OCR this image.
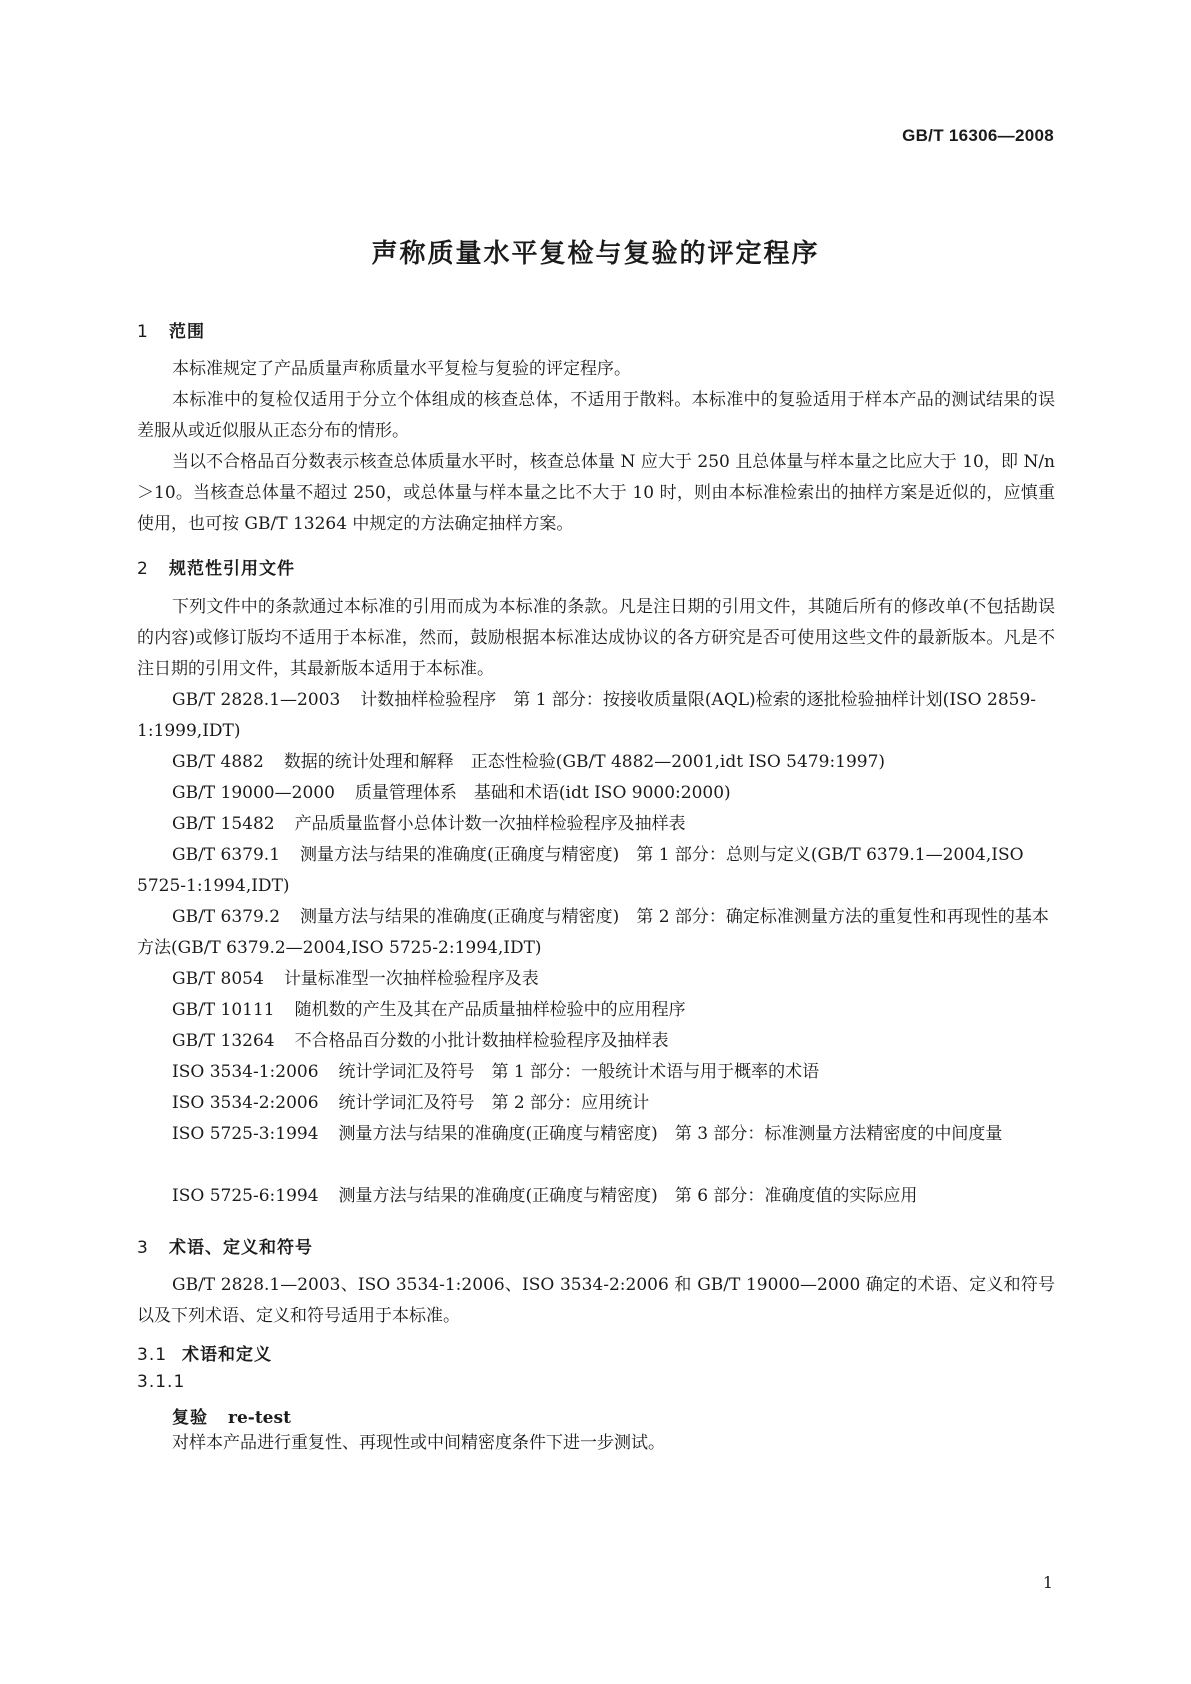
GB/T 16306—2008
声称质量水平复检与复验的评定程序
1 范围

本标准规定了产品质量声称质量水平复检与复验的评定程序。

本标准中的复检仅适用于分立个体组成的核查总体，不适用于散料。本标准中的复验适用于样本产品的测试结果的误差服从或近似服从正态分布的情形。

当以不合格品百分数表示核查总体质量水平时，核查总体量 N 应大于 250 且总体量与样本量之比应大于 10，即 N/n＞10。当核查总体量不超过 250，或总体量与样本量之比不大于 10 时，则由本标准检索出的抽样方案是近似的，应慎重使用，也可按 GB/T 13264 中规定的方法确定抽样方案。

2 规范性引用文件

下列文件中的条款通过本标准的引用而成为本标准的条款。凡是注日期的引用文件，其随后所有的修改单(不包括勘误的内容)或修订版均不适用于本标准，然而，鼓励根据本标准达成协议的各方研究是否可使用这些文件的最新版本。凡是不注日期的引用文件，其最新版本适用于本标准。

GB/T 2828.1—2003 计数抽样检验程序　第 1 部分：按接收质量限(AQL)检索的逐批检验抽样计划(ISO 2859-1:1999,IDT)

GB/T 4882 数据的统计处理和解释　正态性检验(GB/T 4882—2001,idt ISO 5479:1997)

GB/T 19000—2000 质量管理体系　基础和术语(idt ISO 9000:2000)

GB/T 15482 产品质量监督小总体计数一次抽样检验程序及抽样表

GB/T 6379.1 测量方法与结果的准确度(正确度与精密度)　第 1 部分：总则与定义(GB/T 6379.1—2004,ISO 5725-1:1994,IDT)

GB/T 6379.2 测量方法与结果的准确度(正确度与精密度)　第 2 部分：确定标准测量方法的重复性和再现性的基本方法(GB/T 6379.2—2004,ISO 5725-2:1994,IDT)

GB/T 8054 计量标准型一次抽样检验程序及表

GB/T 10111 随机数的产生及其在产品质量抽样检验中的应用程序

GB/T 13264 不合格品百分数的小批计数抽样检验程序及抽样表

ISO 3534-1:2006 统计学词汇及符号　第 1 部分：一般统计术语与用于概率的术语

ISO 3534-2:2006 统计学词汇及符号　第 2 部分：应用统计

ISO 5725-3:1994 测量方法与结果的准确度(正确度与精密度)　第 3 部分：标准测量方法精密度的中间度量

ISO 5725-6:1994 测量方法与结果的准确度(正确度与精密度)　第 6 部分：准确度值的实际应用

3 术语、定义和符号

GB/T 2828.1—2003、ISO 3534-1:2006、ISO 3534-2:2006 和 GB/T 19000—2000 确定的术语、定义和符号以及下列术语、定义和符号适用于本标准。

3.1 术语和定义
3.1.1
复验 re-test

对样本产品进行重复性、再现性或中间精密度条件下进一步测试。

1
